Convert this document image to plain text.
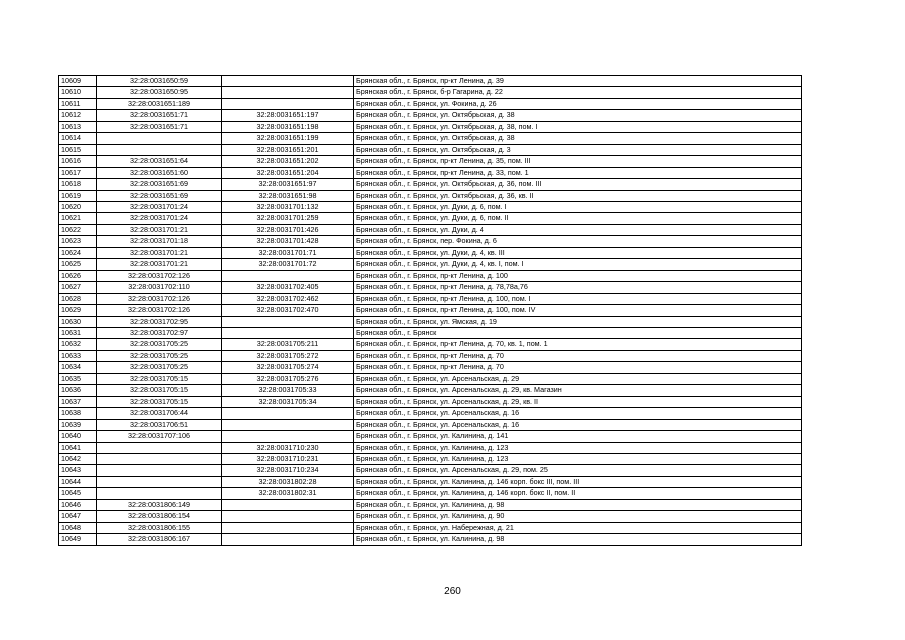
10609	32:28:0031650:59		Брянская обл., г. Брянск, пр-кт Ленина, д. 39
10610	32:28:0031650:95		Брянская обл., г. Брянск, б-р Гагарина, д. 22
10611	32:28:0031651:189		Брянская обл., г. Брянск, ул. Фокина, д. 26
10612	32:28:0031651:71	32:28:0031651:197	Брянская обл., г. Брянск, ул. Октябрьская, д. 38
10613	32:28:0031651:71	32:28:0031651:198	Брянская обл., г. Брянск, ул. Октябрьская, д. 38, пом. I
10614		32:28:0031651:199	Брянская обл., г. Брянск, ул. Октябрьская, д. 38
10615		32:28:0031651:201	Брянская обл., г. Брянск, ул. Октябрьская, д. 3
10616	32:28:0031651:64	32:28:0031651:202	Брянская обл., г. Брянск, пр-кт Ленина, д. 35, пом. III
10617	32:28:0031651:60	32:28:0031651:204	Брянская обл., г. Брянск, пр-кт Ленина, д. 33, пом. 1
10618	32:28:0031651:69	32:28:0031651:97	Брянская обл., г. Брянск, ул. Октябрьская, д. 36, пом. III
10619	32:28:0031651:69	32:28:0031651:98	Брянская обл., г. Брянск, ул. Октябрьская, д. 36, кв. II
10620	32:28:0031701:24	32:28:0031701:132	Брянская обл., г. Брянск, ул. Дуки, д. 6, пом. I
10621	32:28:0031701:24	32:28:0031701:259	Брянская обл., г. Брянск, ул. Дуки, д. 6, пом. II
10622	32:28:0031701:21	32:28:0031701:426	Брянская обл., г. Брянск, ул. Дуки, д. 4
10623	32:28:0031701:18	32:28:0031701:428	Брянская обл., г. Брянск, пер. Фокина, д. 6
10624	32:28:0031701:21	32:28:0031701:71	Брянская обл., г. Брянск, ул. Дуки, д. 4, кв. III
10625	32:28:0031701:21	32:28:0031701:72	Брянская обл., г. Брянск, ул. Дуки, д. 4, кв. I, пом. I
10626	32:28:0031702:126		Брянская обл., г. Брянск, пр-кт Ленина, д. 100
10627	32:28:0031702:110	32:28:0031702:405	Брянская обл., г. Брянск, пр-кт Ленина, д. 78,78а,76
10628	32:28:0031702:126	32:28:0031702:462	Брянская обл., г. Брянск, пр-кт Ленина, д. 100, пом. I
10629	32:28:0031702:126	32:28:0031702:470	Брянская обл., г. Брянск, пр-кт Ленина, д. 100, пом. IV
10630	32:28:0031702:95		Брянская обл., г. Брянск, ул. Ямская, д. 19
10631	32:28:0031702:97		Брянская обл., г. Брянск
10632	32:28:0031705:25	32:28:0031705:211	Брянская обл., г. Брянск, пр-кт Ленина, д. 70, кв. 1, пом. 1
10633	32:28:0031705:25	32:28:0031705:272	Брянская обл., г. Брянск, пр-кт Ленина, д. 70
10634	32:28:0031705:25	32:28:0031705:274	Брянская обл., г. Брянск, пр-кт Ленина, д. 70
10635	32:28:0031705:15	32:28:0031705:276	Брянская обл., г. Брянск, ул. Арсенальская, д. 29
10636	32:28:0031705:15	32:28:0031705:33	Брянская обл., г. Брянск, ул. Арсенальская, д. 29, кв. Магазин
10637	32:28:0031705:15	32:28:0031705:34	Брянская обл., г. Брянск, ул. Арсенальская, д. 29, кв. II
10638	32:28:0031706:44		Брянская обл., г. Брянск, ул. Арсенальская, д. 16
10639	32:28:0031706:51		Брянская обл., г. Брянск, ул. Арсенальская, д. 16
10640	32:28:0031707:106		Брянская обл., г. Брянск, ул. Калинина, д. 141
10641		32:28:0031710:230	Брянская обл., г. Брянск, ул. Калинина, д. 123
10642		32:28:0031710:231	Брянская обл., г. Брянск, ул. Калинина, д. 123
10643		32:28:0031710:234	Брянская обл., г. Брянск, ул. Арсенальская, д. 29, пом. 25
10644		32:28:0031802:28	Брянская обл., г. Брянск, ул. Калинина, д. 146 корп. бокс III, пом. III
10645		32:28:0031802:31	Брянская обл., г. Брянск, ул. Калинина, д. 146 корп. бокс II, пом. II
10646	32:28:0031806:149		Брянская обл., г. Брянск, ул. Калинина, д. 98
10647	32:28:0031806:154		Брянская обл., г. Брянск, ул. Калинина, д. 90
10648	32:28:0031806:155		Брянская обл., г. Брянск, ул. Набережная, д. 21
10649	32:28:0031806:167		Брянская обл., г. Брянск, ул. Калинина, д. 98
260
